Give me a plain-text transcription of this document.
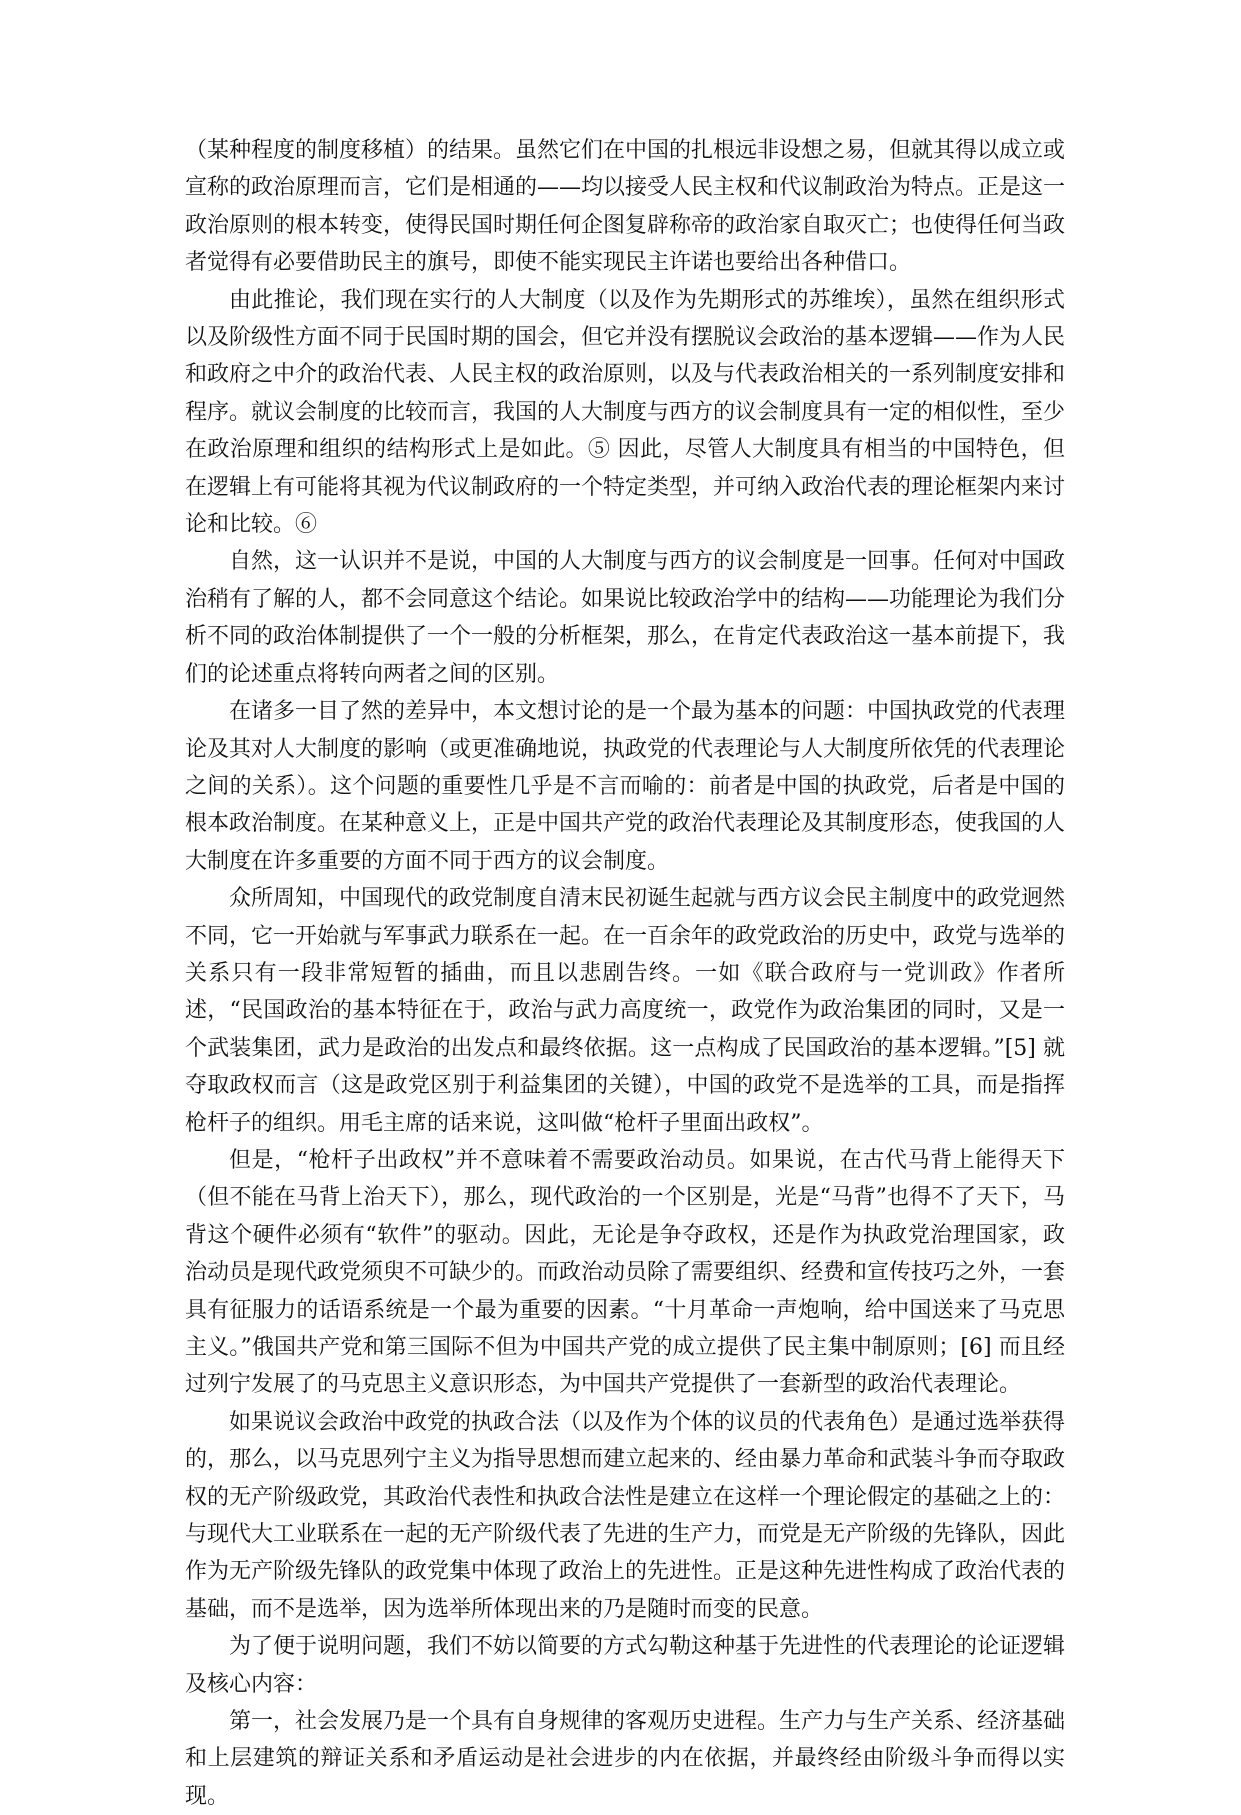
（某种程度的制度移植）的结果。虽然它们在中国的扎根远非设想之易，但就其得以成立或宣称的政治原理而言，它们是相通的——均以接受人民主权和代议制政治为特点。正是这一政治原则的根本转变，使得民国时期任何企图复辟称帝的政治家自取灭亡；也使得任何当政者觉得有必要借助民主的旗号，即使不能实现民主许诺也要给出各种借口。

由此推论，我们现在实行的人大制度（以及作为先期形式的苏维埃），虽然在组织形式以及阶级性方面不同于民国时期的国会，但它并没有摆脱议会政治的基本逻辑——作为人民和政府之中介的政治代表、人民主权的政治原则，以及与代表政治相关的一系列制度安排和程序。就议会制度的比较而言，我国的人大制度与西方的议会制度具有一定的相似性，至少在政治原理和组织的结构形式上是如此。⑤ 因此，尽管人大制度具有相当的中国特色，但在逻辑上有可能将其视为代议制政府的一个特定类型，并可纳入政治代表的理论框架内来讨论和比较。⑥

自然，这一认识并不是说，中国的人大制度与西方的议会制度是一回事。任何对中国政治稍有了解的人，都不会同意这个结论。如果说比较政治学中的结构——功能理论为我们分析不同的政治体制提供了一个一般的分析框架，那么，在肯定代表政治这一基本前提下，我们的论述重点将转向两者之间的区别。

在诸多一目了然的差异中，本文想讨论的是一个最为基本的问题：中国执政党的代表理论及其对人大制度的影响（或更准确地说，执政党的代表理论与人大制度所依凭的代表理论之间的关系）。这个问题的重要性几乎是不言而喻的：前者是中国的执政党，后者是中国的根本政治制度。在某种意义上，正是中国共产党的政治代表理论及其制度形态，使我国的人大制度在许多重要的方面不同于西方的议会制度。

众所周知，中国现代的政党制度自清末民初诞生起就与西方议会民主制度中的政党迥然不同，它一开始就与军事武力联系在一起。在一百余年的政党政治的历史中，政党与选举的关系只有一段非常短暂的插曲，而且以悲剧告终。一如《联合政府与一党训政》作者所述，“民国政治的基本特征在于，政治与武力高度统一，政党作为政治集团的同时，又是一个武装集团，武力是政治的出发点和最终依据。这一点构成了民国政治的基本逻辑。”[5] 就夺取政权而言（这是政党区别于利益集团的关键），中国的政党不是选举的工具，而是指挥枪杆子的组织。用毛主席的话来说，这叫做“枪杆子里面出政权”。

但是，“枪杆子出政权”并不意味着不需要政治动员。如果说，在古代马背上能得天下（但不能在马背上治天下），那么，现代政治的一个区别是，光是“马背”也得不了天下，马背这个硬件必须有“软件”的驱动。因此，无论是争夺政权，还是作为执政党治理国家，政治动员是现代政党须臾不可缺少的。而政治动员除了需要组织、经费和宣传技巧之外，一套具有征服力的话语系统是一个最为重要的因素。“十月革命一声炮响，给中国送来了马克思主义。”俄国共产党和第三国际不但为中国共产党的成立提供了民主集中制原则；[6] 而且经过列宁发展了的马克思主义意识形态，为中国共产党提供了一套新型的政治代表理论。

如果说议会政治中政党的执政合法（以及作为个体的议员的代表角色）是通过选举获得的，那么，以马克思列宁主义为指导思想而建立起来的、经由暴力革命和武装斗争而夺取政权的无产阶级政党，其政治代表性和执政合法性是建立在这样一个理论假定的基础之上的：与现代大工业联系在一起的无产阶级代表了先进的生产力，而党是无产阶级的先锋队，因此作为无产阶级先锋队的政党集中体现了政治上的先进性。正是这种先进性构成了政治代表的基础，而不是选举，因为选举所体现出来的乃是随时而变的民意。

为了便于说明问题，我们不妨以简要的方式勾勒这种基于先进性的代表理论的论证逻辑及核心内容：

第一，社会发展乃是一个具有自身规律的客观历史进程。生产力与生产关系、经济基础和上层建筑的辩证关系和矛盾运动是社会进步的内在依据，并最终经由阶级斗争而得以实现。
